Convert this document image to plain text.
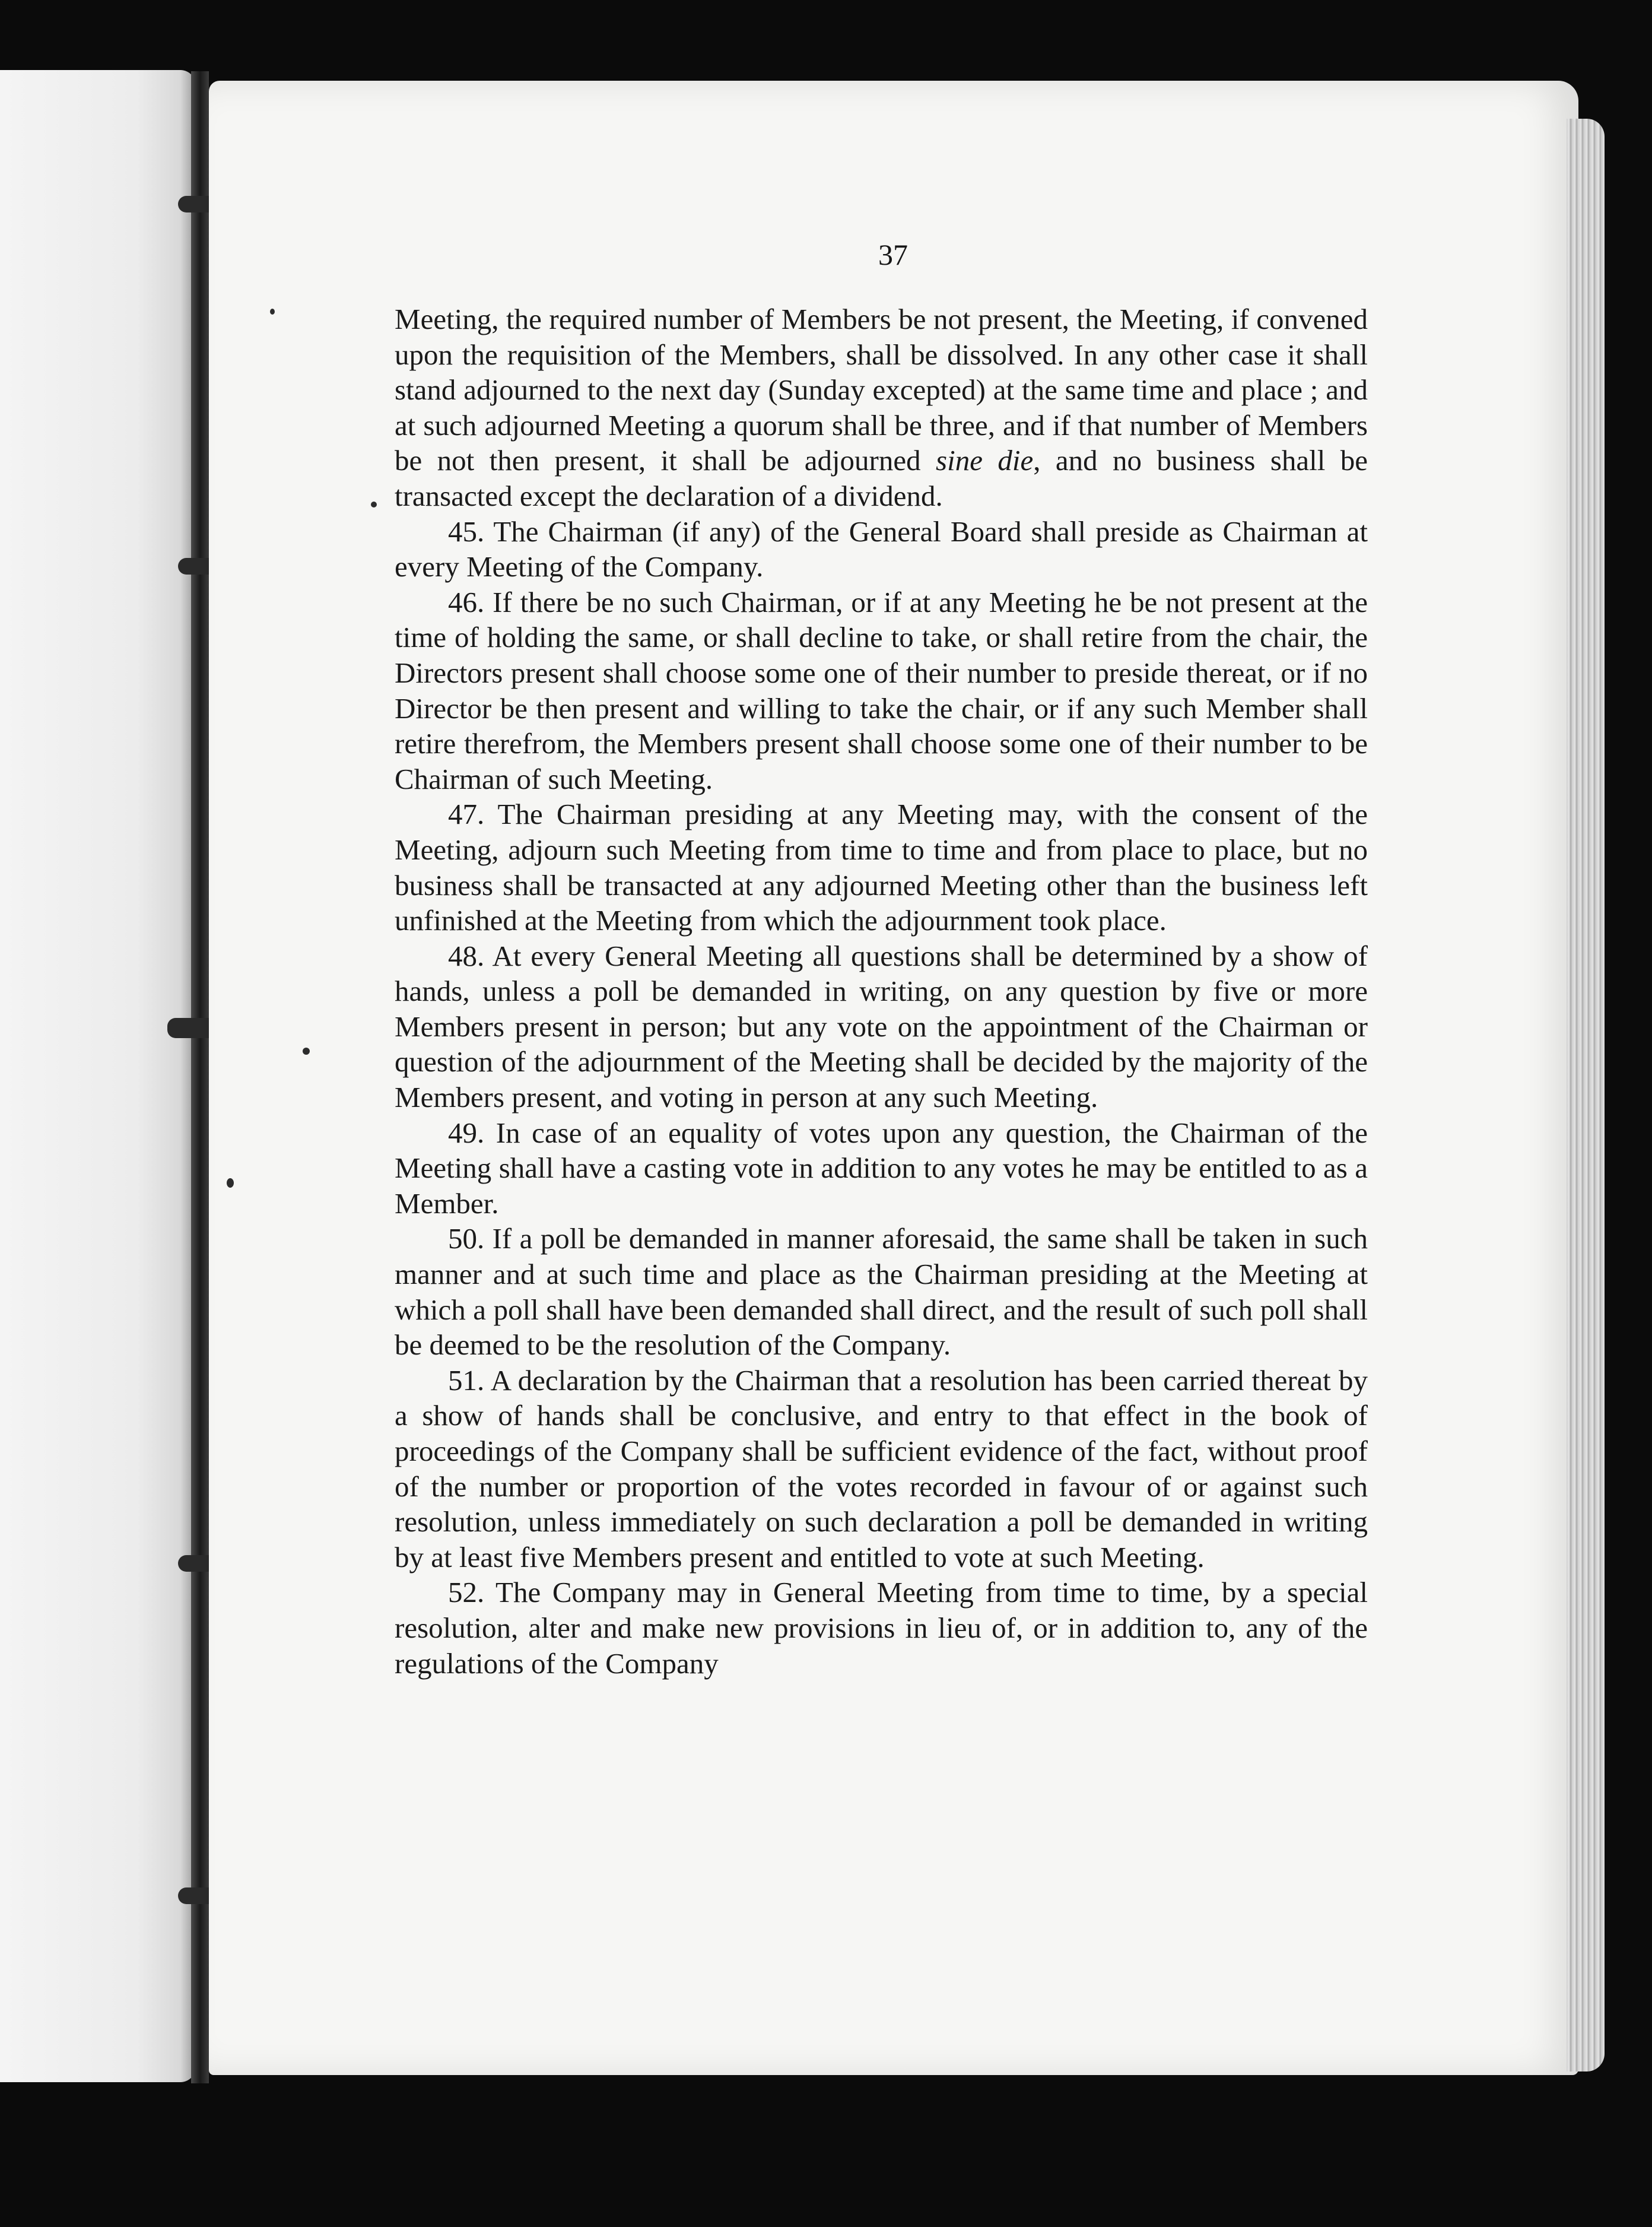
37

Meeting, the required number of Members be not present, the Meeting, if convened upon the requisition of the Members, shall be dissolved. In any other case it shall stand adjourned to the next day (Sunday excepted) at the same time and place ; and at such adjourned Meeting a quorum shall be three, and if that number of Members be not then present, it shall be adjourned sine die, and no business shall be transacted except the declaration of a dividend.

45. The Chairman (if any) of the General Board shall preside as Chairman at every Meeting of the Company.

46. If there be no such Chairman, or if at any Meeting he be not present at the time of holding the same, or shall decline to take, or shall retire from the chair, the Directors present shall choose some one of their number to preside thereat, or if no Director be then present and willing to take the chair, or if any such Member shall retire therefrom, the Members present shall choose some one of their number to be Chairman of such Meeting.

47. The Chairman presiding at any Meeting may, with the consent of the Meeting, adjourn such Meeting from time to time and from place to place, but no business shall be transacted at any adjourned Meeting other than the business left unfinished at the Meeting from which the adjournment took place.

48. At every General Meeting all questions shall be determined by a show of hands, unless a poll be demanded in writing, on any question by five or more Members present in person; but any vote on the appointment of the Chairman or question of the adjournment of the Meeting shall be decided by the majority of the Members present, and voting in person at any such Meeting.

49. In case of an equality of votes upon any question, the Chairman of the Meeting shall have a casting vote in addition to any votes he may be entitled to as a Member.

50. If a poll be demanded in manner aforesaid, the same shall be taken in such manner and at such time and place as the Chairman presiding at the Meeting at which a poll shall have been demanded shall direct, and the result of such poll shall be deemed to be the resolution of the Company.

51. A declaration by the Chairman that a resolution has been carried thereat by a show of hands shall be conclusive, and entry to that effect in the book of proceedings of the Company shall be sufficient evidence of the fact, without proof of the number or proportion of the votes recorded in favour of or against such resolution, unless immediately on such declaration a poll be demanded in writing by at least five Members present and entitled to vote at such Meeting.

52. The Company may in General Meeting from time to time, by a special resolution, alter and make new provisions in lieu of, or in addition to, any of the regulations of the Company
